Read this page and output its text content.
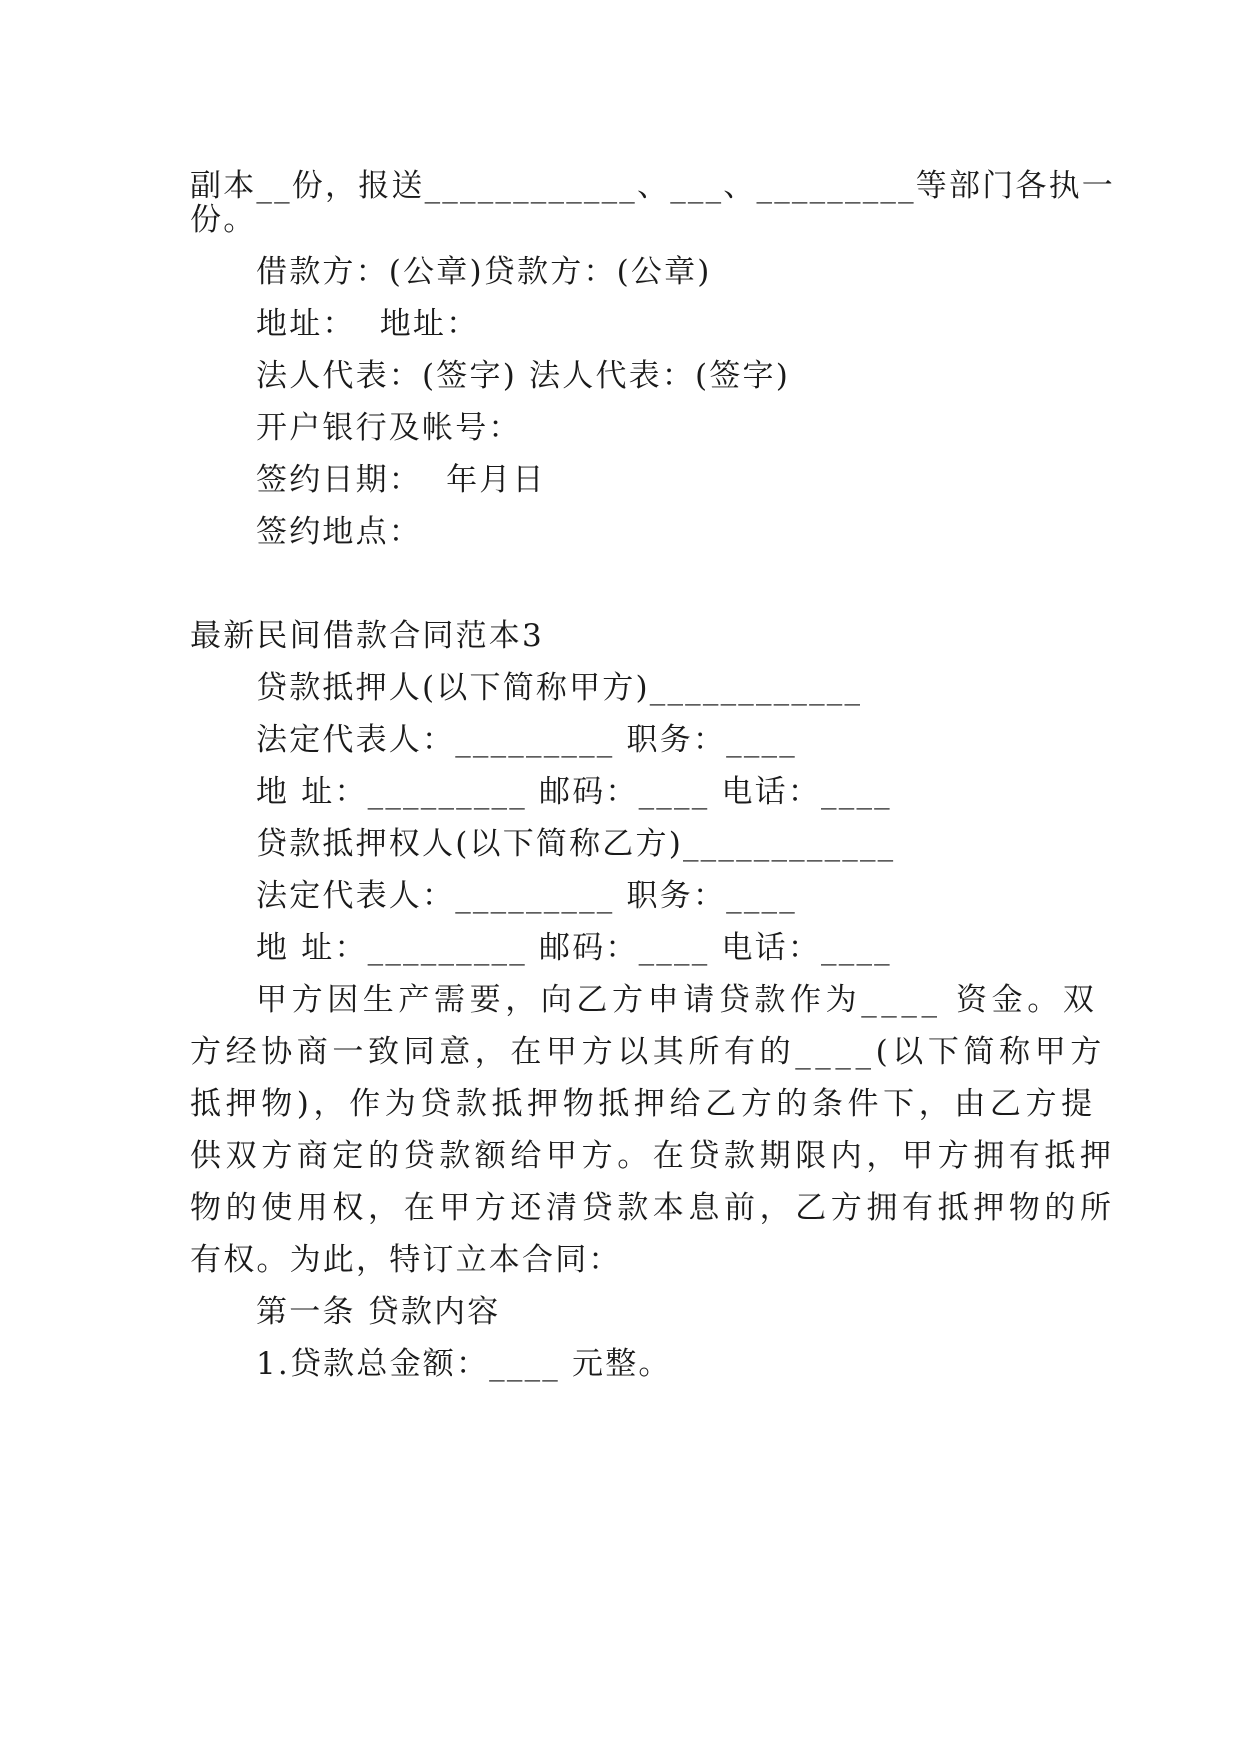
副本__份，报送____________、___、_________等部门各执一
份。
借款方：(公章)贷款方：(公章)
地址：  地址：
法人代表：(签字) 法人代表：(签字)
开户银行及帐号：
签约日期：  年月日
签约地点：
最新民间借款合同范本3
贷款抵押人(以下简称甲方)____________
法定代表人：_________ 职务：____
地 址：_________ 邮码：____ 电话：____
贷款抵押权人(以下简称乙方)____________
法定代表人：_________ 职务：____
地 址：_________ 邮码：____ 电话：____
甲方因生产需要，向乙方申请贷款作为____ 资金。双
方经协商一致同意，在甲方以其所有的____(以下简称甲方
抵押物)，作为贷款抵押物抵押给乙方的条件下，由乙方提
供双方商定的贷款额给甲方。在贷款期限内，甲方拥有抵押
物的使用权，在甲方还清贷款本息前，乙方拥有抵押物的所
有权。为此，特订立本合同：
第一条 贷款内容
1.贷款总金额：____ 元整。
